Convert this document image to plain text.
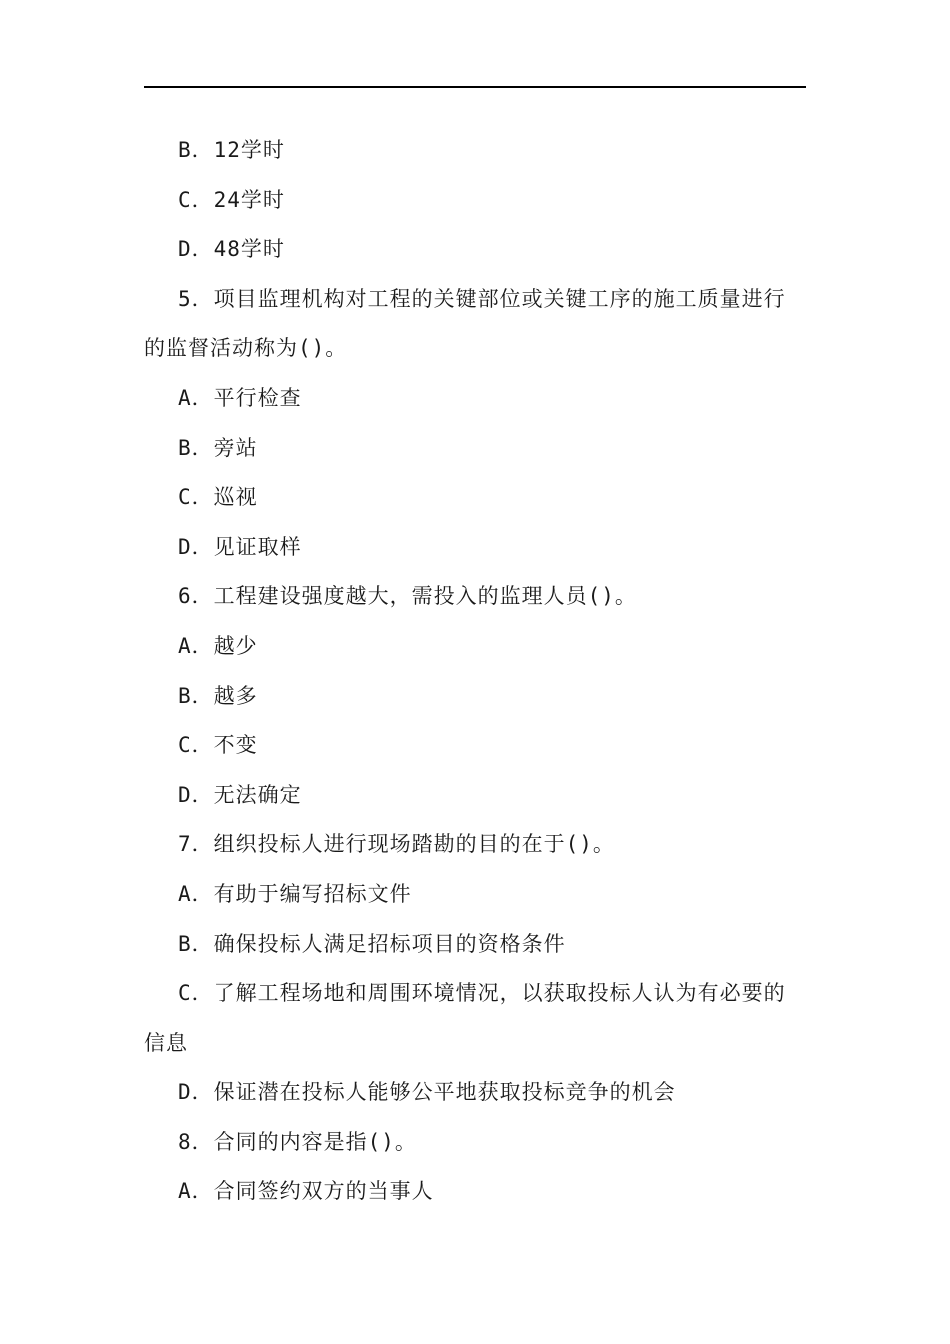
B．12学时
C．24学时
D．48学时
5．项目监理机构对工程的关键部位或关键工序的施工质量进行
的监督活动称为()。
A．平行检查
B．旁站
C．巡视
D．见证取样
6．工程建设强度越大，需投入的监理人员()。
A．越少
B．越多
C．不变
D．无法确定
7．组织投标人进行现场踏勘的目的在于()。
A．有助于编写招标文件
B．确保投标人满足招标项目的资格条件
C．了解工程场地和周围环境情况，以获取投标人认为有必要的
信息
D．保证潜在投标人能够公平地获取投标竞争的机会
8．合同的内容是指()。
A．合同签约双方的当事人
